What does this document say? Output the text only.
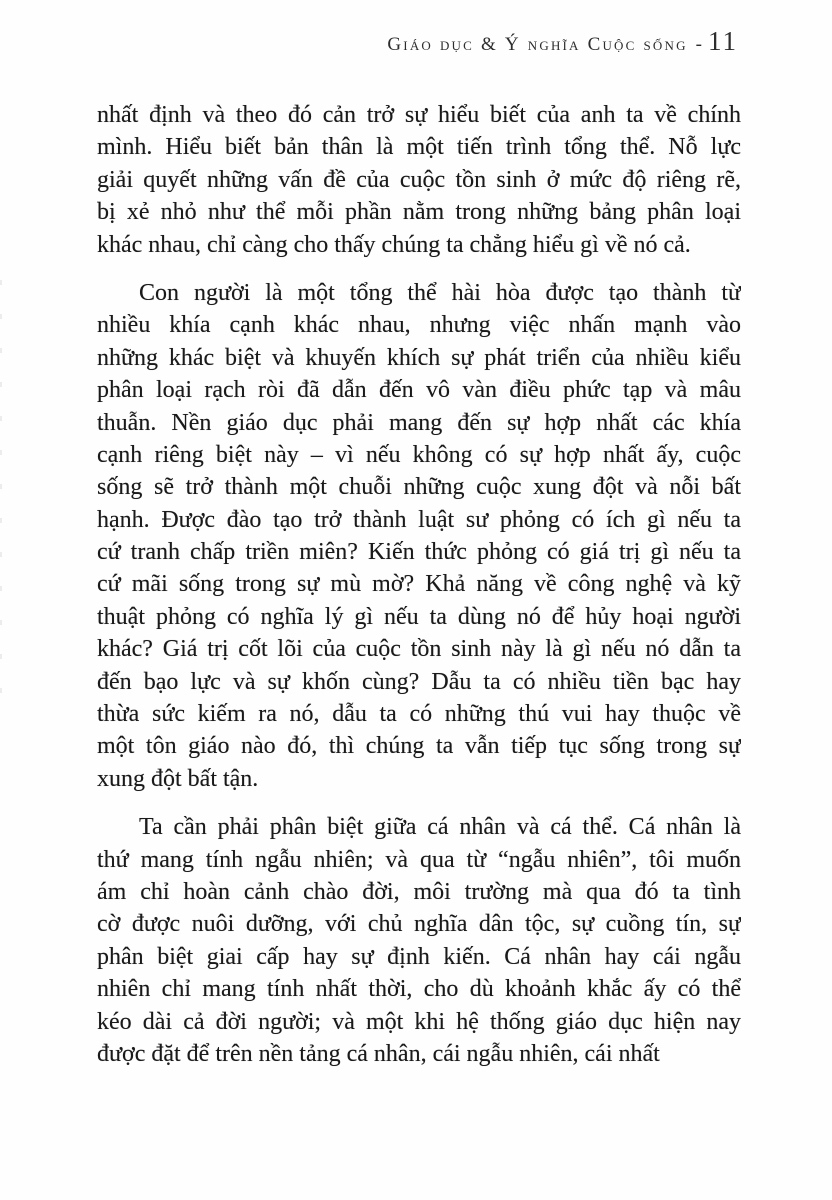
Giáo dục & Ý nghĩa Cuộc sống - 11
nhất định và theo đó cản trở sự hiểu biết của anh ta về chính
mình. Hiểu biết bản thân là một tiến trình tổng thể. Nỗ lực
giải quyết những vấn đề của cuộc tồn sinh ở mức độ riêng rẽ,
bị xẻ nhỏ như thể mỗi phần nằm trong những bảng phân loại
khác nhau, chỉ càng cho thấy chúng ta chẳng hiểu gì về nó cả.
Con người là một tổng thể hài hòa được tạo thành từ
nhiều khía cạnh khác nhau, nhưng việc nhấn mạnh vào
những khác biệt và khuyến khích sự phát triển của nhiều kiểu
phân loại rạch ròi đã dẫn đến vô vàn điều phức tạp và mâu
thuẫn. Nền giáo dục phải mang đến sự hợp nhất các khía
cạnh riêng biệt này – vì nếu không có sự hợp nhất ấy, cuộc
sống sẽ trở thành một chuỗi những cuộc xung đột và nỗi bất
hạnh. Được đào tạo trở thành luật sư phỏng có ích gì nếu ta
cứ tranh chấp triền miên? Kiến thức phỏng có giá trị gì nếu ta
cứ mãi sống trong sự mù mờ? Khả năng về công nghệ và kỹ
thuật phỏng có nghĩa lý gì nếu ta dùng nó để hủy hoại người
khác? Giá trị cốt lõi của cuộc tồn sinh này là gì nếu nó dẫn ta
đến bạo lực và sự khốn cùng? Dẫu ta có nhiều tiền bạc hay
thừa sức kiếm ra nó, dẫu ta có những thú vui hay thuộc về
một tôn giáo nào đó, thì chúng ta vẫn tiếp tục sống trong sự
xung đột bất tận.
Ta cần phải phân biệt giữa cá nhân và cá thể. Cá nhân là
thứ mang tính ngẫu nhiên; và qua từ “ngẫu nhiên”, tôi muốn
ám chỉ hoàn cảnh chào đời, môi trường mà qua đó ta tình
cờ được nuôi dưỡng, với chủ nghĩa dân tộc, sự cuồng tín, sự
phân biệt giai cấp hay sự định kiến. Cá nhân hay cái ngẫu
nhiên chỉ mang tính nhất thời, cho dù khoảnh khắc ấy có thể
kéo dài cả đời người; và một khi hệ thống giáo dục hiện nay
được đặt để trên nền tảng cá nhân, cái ngẫu nhiên, cái nhất
